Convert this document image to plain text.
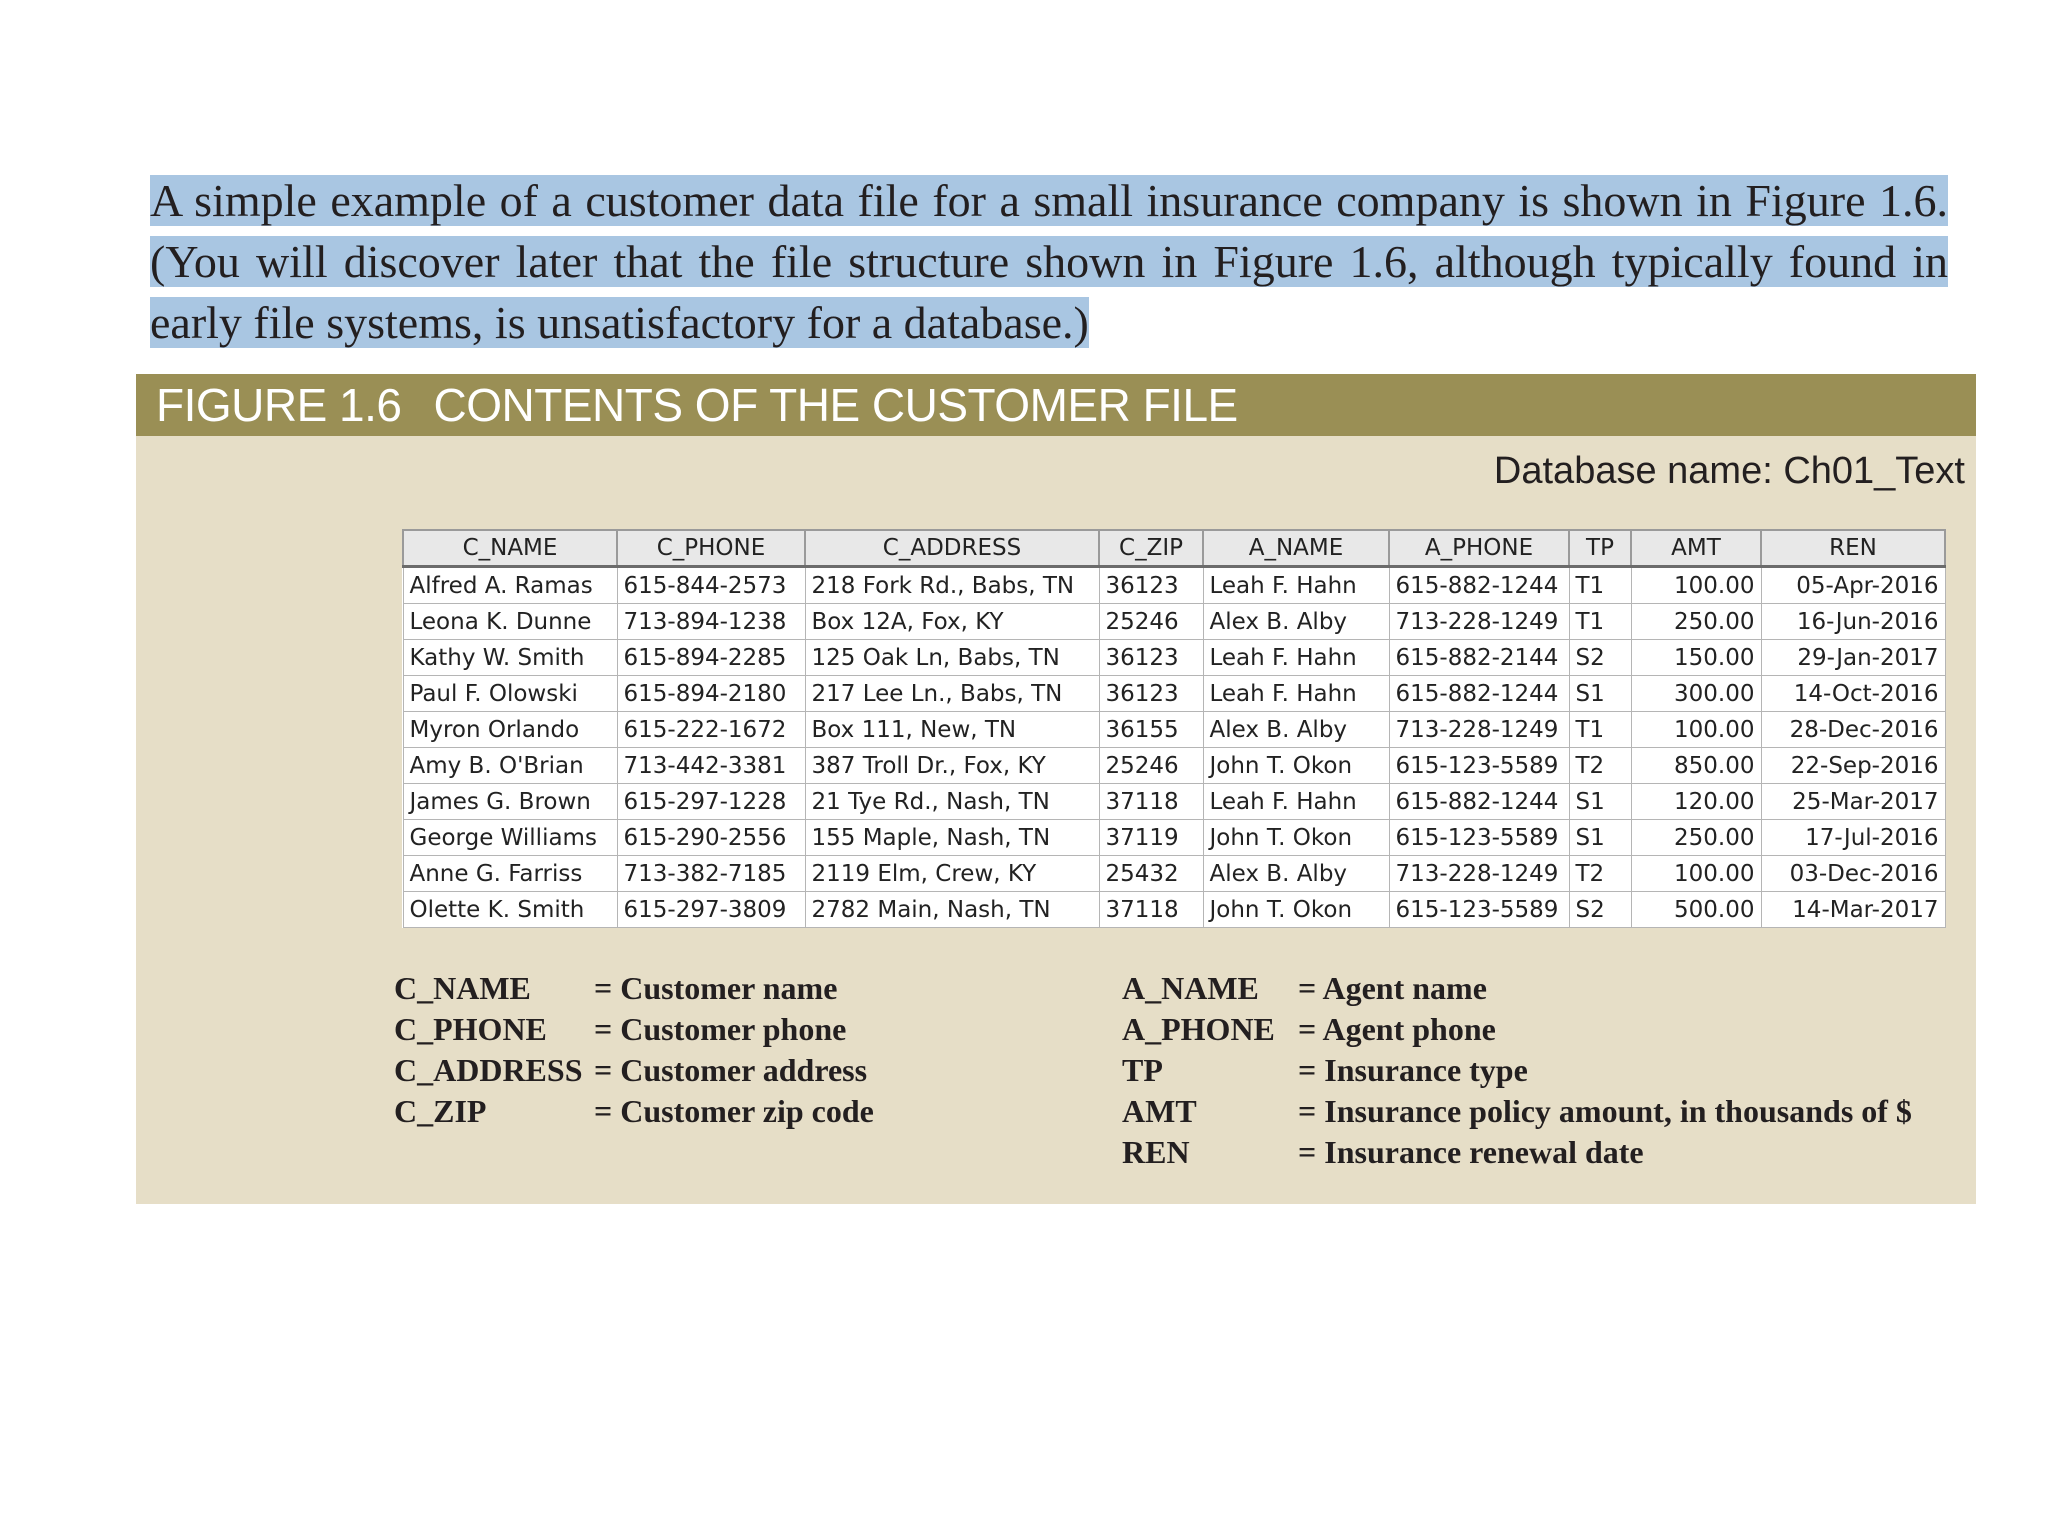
A simple example of a customer data file for a small insurance company is shown in Figure 1.6. (You will discover later that the file structure shown in Figure 1.6, although typically found in early file systems, is unsatisfactory for a database.)
FIGURE 1.6 CONTENTS OF THE CUSTOMER FILE
Database name: Ch01_Text
C_NAME	C_PHONE	C_ADDRESS	C_ZIP	A_NAME	A_PHONE	TP	AMT	REN
Alfred A. Ramas	615-844-2573	218 Fork Rd., Babs, TN	36123	Leah F. Hahn	615-882-1244	T1	100.00	05-Apr-2016
Leona K. Dunne	713-894-1238	Box 12A, Fox, KY	25246	Alex B. Alby	713-228-1249	T1	250.00	16-Jun-2016
Kathy W. Smith	615-894-2285	125 Oak Ln, Babs, TN	36123	Leah F. Hahn	615-882-2144	S2	150.00	29-Jan-2017
Paul F. Olowski	615-894-2180	217 Lee Ln., Babs, TN	36123	Leah F. Hahn	615-882-1244	S1	300.00	14-Oct-2016
Myron Orlando	615-222-1672	Box 111, New, TN	36155	Alex B. Alby	713-228-1249	T1	100.00	28-Dec-2016
Amy B. O'Brian	713-442-3381	387 Troll Dr., Fox, KY	25246	John T. Okon	615-123-5589	T2	850.00	22-Sep-2016
James G. Brown	615-297-1228	21 Tye Rd., Nash, TN	37118	Leah F. Hahn	615-882-1244	S1	120.00	25-Mar-2017
George Williams	615-290-2556	155 Maple, Nash, TN	37119	John T. Okon	615-123-5589	S1	250.00	17-Jul-2016
Anne G. Farriss	713-382-7185	2119 Elm, Crew, KY	25432	Alex B. Alby	713-228-1249	T2	100.00	03-Dec-2016
Olette K. Smith	615-297-3809	2782 Main, Nash, TN	37118	John T. Okon	615-123-5589	S2	500.00	14-Mar-2017
C_NAME	= Customer name
C_PHONE	= Customer phone
C_ADDRESS = Customer address
C_ZIP	= Customer zip code
A_NAME	= Agent name
A_PHONE = Agent phone
TP	= Insurance type
AMT	= Insurance policy amount, in thousands of $
REN	= Insurance renewal date
